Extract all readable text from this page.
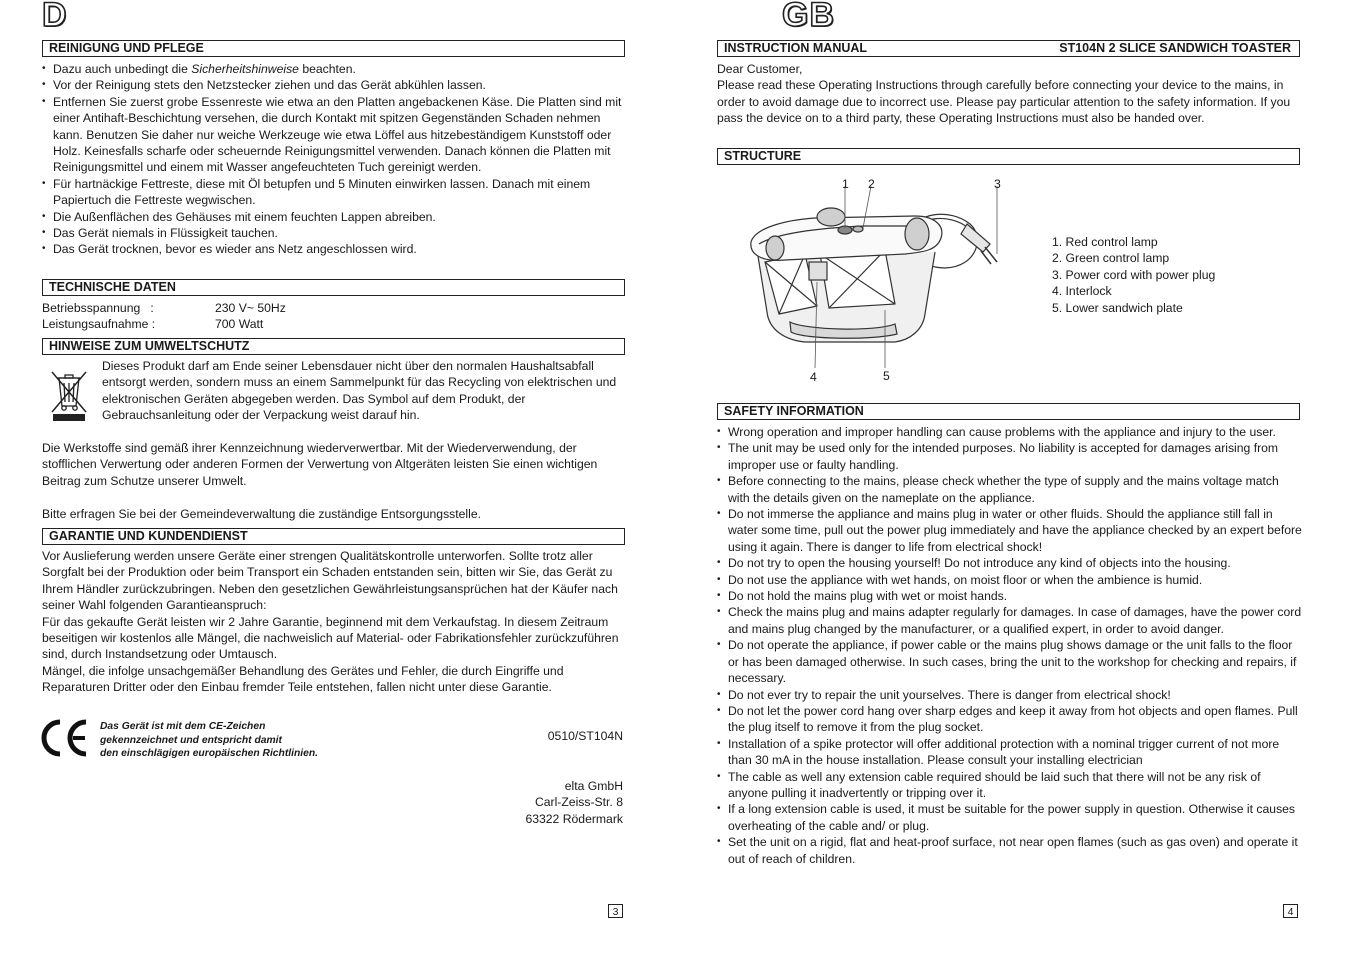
D
REINIGUNG UND PFLEGE
• Dazu auch unbedingt die Sicherheitshinweise beachten.
• Vor der Reinigung stets den Netzstecker ziehen und das Gerät abkühlen lassen.
• Entfernen Sie zuerst grobe Essenreste wie etwa an den Platten angebackenen Käse. Die Platten sind mit einer Antihaft-Beschichtung versehen, die durch Kontakt mit spitzen Gegenständen Schaden nehmen kann. Benutzen Sie daher nur weiche Werkzeuge wie etwa Löffel aus hitzebeständigem Kunststoff oder Holz. Keinesfalls scharfe oder scheuernde Reinigungsmittel verwenden. Danach können die Platten mit Reinigungsmittel und einem mit Wasser angefeuchteten Tuch gereinigt werden.
• Für hartnäckige Fettreste, diese mit Öl betupfen und 5 Minuten einwirken lassen. Danach mit einem Papiertuch die Fettreste wegwischen.
• Die Außenflächen des Gehäuses mit einem feuchten Lappen abreiben.
• Das Gerät niemals in Flüssigkeit tauchen.
• Das Gerät trocknen, bevor es wieder ans Netz angeschlossen wird.
TECHNISCHE DATEN
Betriebsspannung   :	230 V~ 50Hz
Leistungsaufnahme :	700 Watt
HINWEISE ZUM UMWELTSCHUTZ
Dieses Produkt darf am Ende seiner Lebensdauer nicht über den normalen Haushaltsabfall entsorgt werden, sondern muss an einem Sammelpunkt für das Recycling von elektrischen und elektronischen Geräten abgegeben werden. Das Symbol auf dem Produkt, der Gebrauchsanleitung oder der Verpackung weist darauf hin.
Die Werkstoffe sind gemäß ihrer Kennzeichnung wiederverwertbar. Mit der Wiederverwendung, der stofflichen Verwertung oder anderen Formen der Verwertung von Altgeräten leisten Sie einen wichtigen Beitrag zum Schutze unserer Umwelt.
Bitte erfragen Sie bei der Gemeindeverwaltung die zuständige Entsorgungsstelle.
GARANTIE UND KUNDENDIENST
Vor Auslieferung werden unsere Geräte einer strengen Qualitätskontrolle unterworfen. Sollte trotz aller Sorgfalt bei der Produktion oder beim Transport ein Schaden entstanden sein, bitten wir Sie, das Gerät zu Ihrem Händler zurückzubringen. Neben den gesetzlichen Gewährleistungsansprüchen hat der Käufer nach seiner Wahl folgenden Garantieanspruch:
Für das gekaufte Gerät leisten wir 2 Jahre Garantie, beginnend mit dem Verkaufstag. In diesem Zeitraum beseitigen wir kostenlos alle Mängel, die nachweislich auf Material- oder Fabrikationsfehler zurückzuführen sind, durch Instandsetzung oder Umtausch.
Mängel, die infolge unsachgemäßer Behandlung des Gerätes und Fehler, die durch Eingriffe und Reparaturen Dritter oder den Einbau fremder Teile entstehen, fallen nicht unter diese Garantie.
Das Gerät ist mit dem CE-Zeichen
gekennzeichnet und entspricht damit
den einschlägigen europäischen Richtlinien.
0510/ST104N
elta GmbH
Carl-Zeiss-Str. 8
63322 Rödermark
3
GB
INSTRUCTION MANUAL	ST104N 2 SLICE SANDWICH TOASTER
Dear Customer,
Please read these Operating Instructions through carefully before connecting your device to the mains, in order to avoid damage due to incorrect use. Please pay particular attention to the safety information. If you pass the device on to a third party, these Operating Instructions must also be handed over.
STRUCTURE
1 2	3
4	5
1. Red control lamp
2. Green control lamp
3. Power cord with power plug
4. Interlock
5. Lower sandwich plate
SAFETY INFORMATION
• Wrong operation and improper handling can cause problems with the appliance and injury to the user.
• The unit may be used only for the intended purposes. No liability is accepted for damages arising from improper use or faulty handling.
• Before connecting to the mains, please check whether the type of supply and the mains voltage match with the details given on the nameplate on the appliance.
• Do not immerse the appliance and mains plug in water or other fluids. Should the appliance still fall in water some time, pull out the power plug immediately and have the appliance checked by an expert before using it again. There is danger to life from electrical shock!
• Do not try to open the housing yourself! Do not introduce any kind of objects into the housing.
• Do not use the appliance with wet hands, on moist floor or when the ambience is humid.
• Do not hold the mains plug with wet or moist hands.
• Check the mains plug and mains adapter regularly for damages. In case of damages, have the power cord and mains plug changed by the manufacturer, or a qualified expert, in order to avoid danger.
• Do not operate the appliance, if power cable or the mains plug shows damage or the unit falls to the floor or has been damaged otherwise. In such cases, bring the unit to the workshop for checking and repairs, if necessary.
• Do not ever try to repair the unit yourselves. There is danger from electrical shock!
• Do not let the power cord hang over sharp edges and keep it away from hot objects and open flames. Pull the plug itself to remove it from the plug socket.
• Installation of a spike protector will offer additional protection with a nominal trigger current of not more than 30 mA in the house installation. Please consult your installing electrician
• The cable as well any extension cable required should be laid such that there will not be any risk of anyone pulling it inadvertently or tripping over it.
• If a long extension cable is used, it must be suitable for the power supply in question. Otherwise it causes overheating of the cable and/ or plug.
• Set the unit on a rigid, flat and heat-proof surface, not near open flames (such as gas oven) and operate it out of reach of children.
4
